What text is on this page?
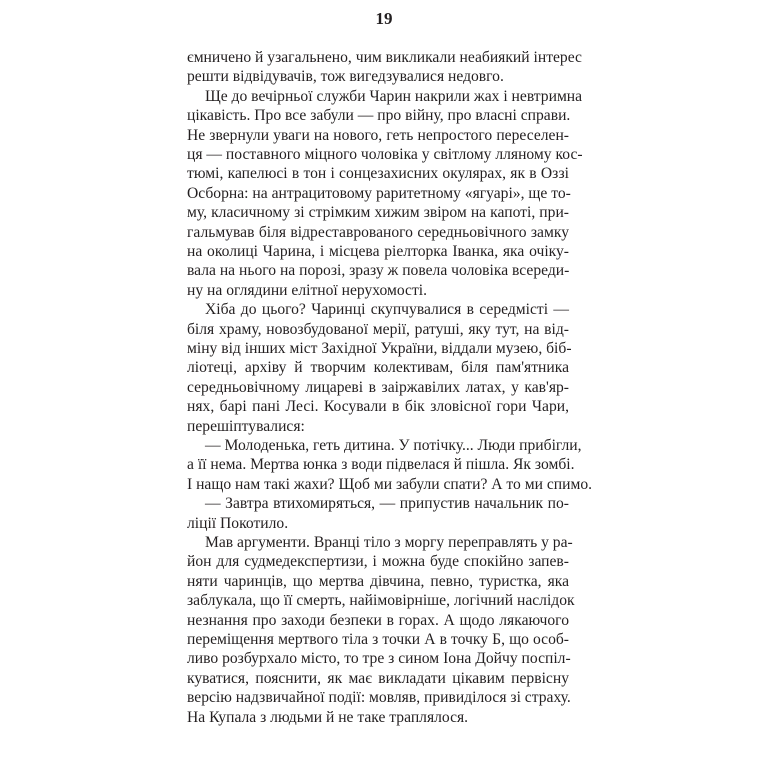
19
ємничено й узагальнено, чим викликали неабиякий інтерес
решти відвідувачів, тож вигедзувалися недовго.
Ще до вечірньої служби Чарин накрили жах і невтримна
цікавість. Про все забули — про війну, про власні справи.
Не звернули уваги на нового, геть непростого переселен-
ця — поставного міцного чоловіка у світлому лляному кос-
тюмі, капелюсі в тон і сонцезахисних окулярах, як в Оззі
Осборна: на антрацитовому раритетному «ягуарі», ще то-
му, класичному зі стрімким хижим звіром на капоті, при-
гальмував біля відреставрованого середньовічного замку
на околиці Чарина, і місцева ріелторка Іванка, яка очіку-
вала на нього на порозі, зразу ж повела чоловіка всереди-
ну на оглядини елітної нерухомості.
Хіба до цього? Чаринці скупчувалися в середмісті —
біля храму, новозбудованої мерії, ратуші, яку тут, на від-
міну від інших міст Західної України, віддали музею, біб-
ліотеці, архіву й творчим колективам, біля пам'ятника
середньовічному лицареві в заіржавілих латах, у кав'яр-
нях, барі пані Лесі. Косували в бік зловісної гори Чари,
перешіптувалися:
— Молоденька, геть дитина. У потічку... Люди прибігли,
а її нема. Мертва юнка з води підвелася й пішла. Як зомбі.
І нащо нам такі жахи? Щоб ми забули спати? А то ми спимо.
— Завтра втихомиряться, — припустив начальник по-
ліції Покотило.
Мав аргументи. Вранці тіло з моргу переправлять у ра-
йон для судмедекспертизи, і можна буде спокійно запев-
няти чаринців, що мертва дівчина, певно, туристка, яка
заблукала, що її смерть, найімовірніше, логічний наслідок
незнання про заходи безпеки в горах. А щодо лякаючого
переміщення мертвого тіла з точки А в точку Б, що особ-
ливо розбурхало місто, то тре з сином Іона Дойчу поспіл-
куватися, пояснити, як має викладати цікавим первісну
версію надзвичайної події: мовляв, привиділося зі страху.
На Купала з людьми й не таке траплялося.
